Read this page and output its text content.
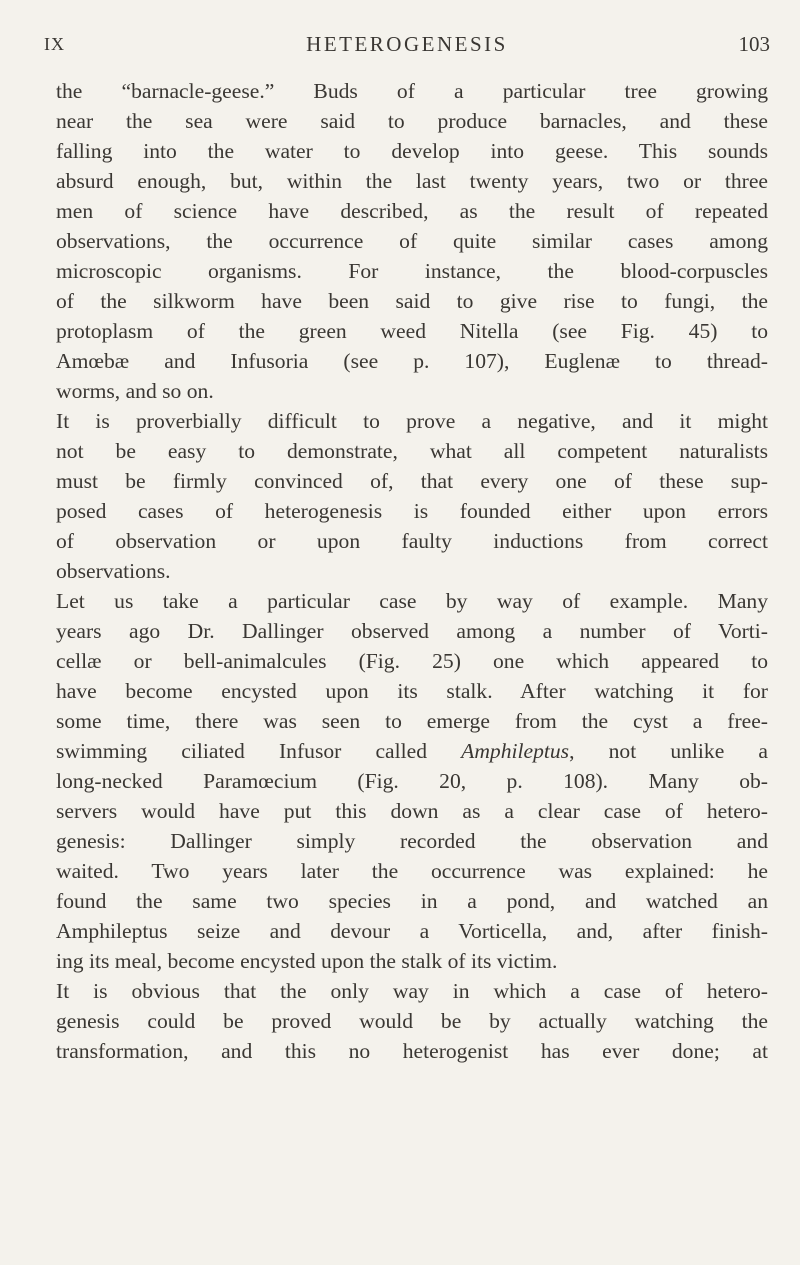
IX	HETEROGENESIS	103
the “barnacle-geese.” Buds of a particular tree growing
near the sea were said to produce barnacles, and these
falling into the water to develop into geese. This sounds
absurd enough, but, within the last twenty years, two or three
men of science have described, as the result of repeated
observations, the occurrence of quite similar cases among
microscopic organisms. For instance, the blood-corpuscles
of the silkworm have been said to give rise to fungi, the
protoplasm of the green weed Nitella (see Fig. 45) to
Amœbæ and Infusoria (see p. 107), Euglenæ to thread-
worms, and so on.
It is proverbially difficult to prove a negative, and it might
not be easy to demonstrate, what all competent naturalists
must be firmly convinced of, that every one of these sup-
posed cases of heterogenesis is founded either upon errors
of observation or upon faulty inductions from correct
observations.
Let us take a particular case by way of example. Many
years ago Dr. Dallinger observed among a number of Vorti-
cellæ or bell-animalcules (Fig. 25) one which appeared to
have become encysted upon its stalk. After watching it for
some time, there was seen to emerge from the cyst a free-
swimming ciliated Infusor called Amphileptus, not unlike a
long-necked Paramœcium (Fig. 20, p. 108). Many ob-
servers would have put this down as a clear case of hetero-
genesis: Dallinger simply recorded the observation and
waited. Two years later the occurrence was explained: he
found the same two species in a pond, and watched an
Amphileptus seize and devour a Vorticella, and, after finish-
ing its meal, become encysted upon the stalk of its victim.
It is obvious that the only way in which a case of hetero-
genesis could be proved would be by actually watching the
transformation, and this no heterogenist has ever done; at
